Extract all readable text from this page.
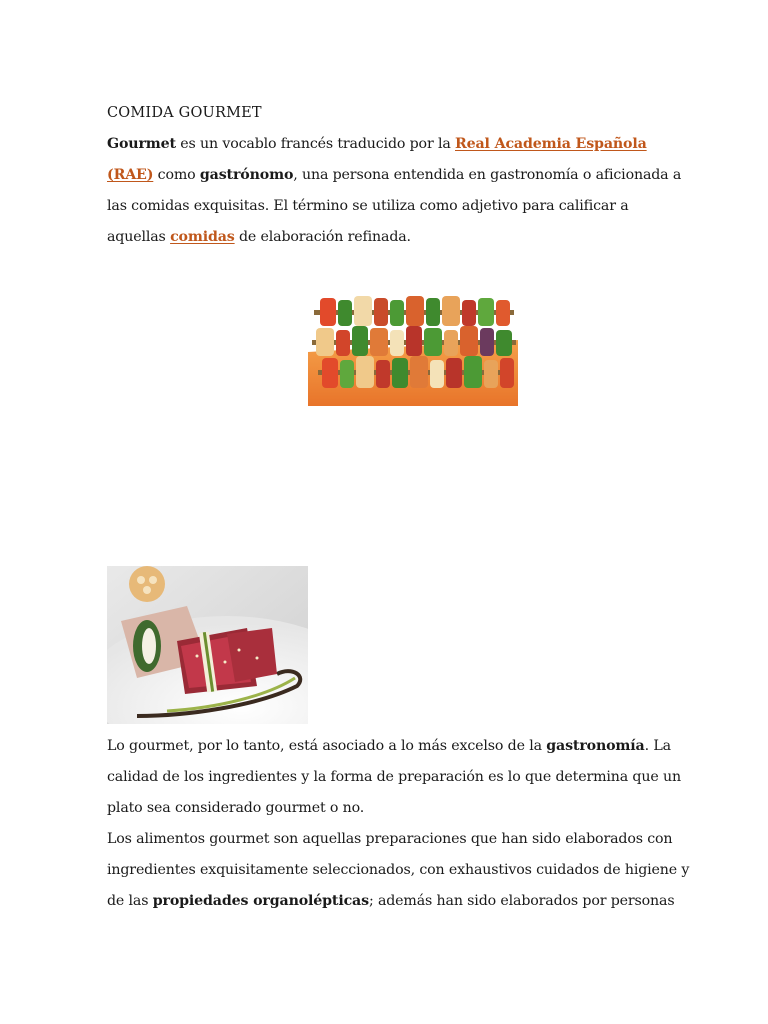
COMIDA GOURMET
Gourmet es un vocablo francés traducido por la Real Academia Española
(RAE) como gastrónomo, una persona entendida en gastronomía o aficionada a
las comidas exquisitas. El término se utiliza como adjetivo para calificar a
aquellas comidas de elaboración refinada.
Lo gourmet, por lo tanto, está asociado a lo más excelso de la gastronomía. La
calidad de los ingredientes y la forma de preparación es lo que determina que un
plato sea considerado gourmet o no.
Los alimentos gourmet son aquellas preparaciones que han sido elaborados con
ingredientes exquisitamente seleccionados, con exhaustivos cuidados de higiene y
de las propiedades organolépticas; además han sido elaborados por personas
